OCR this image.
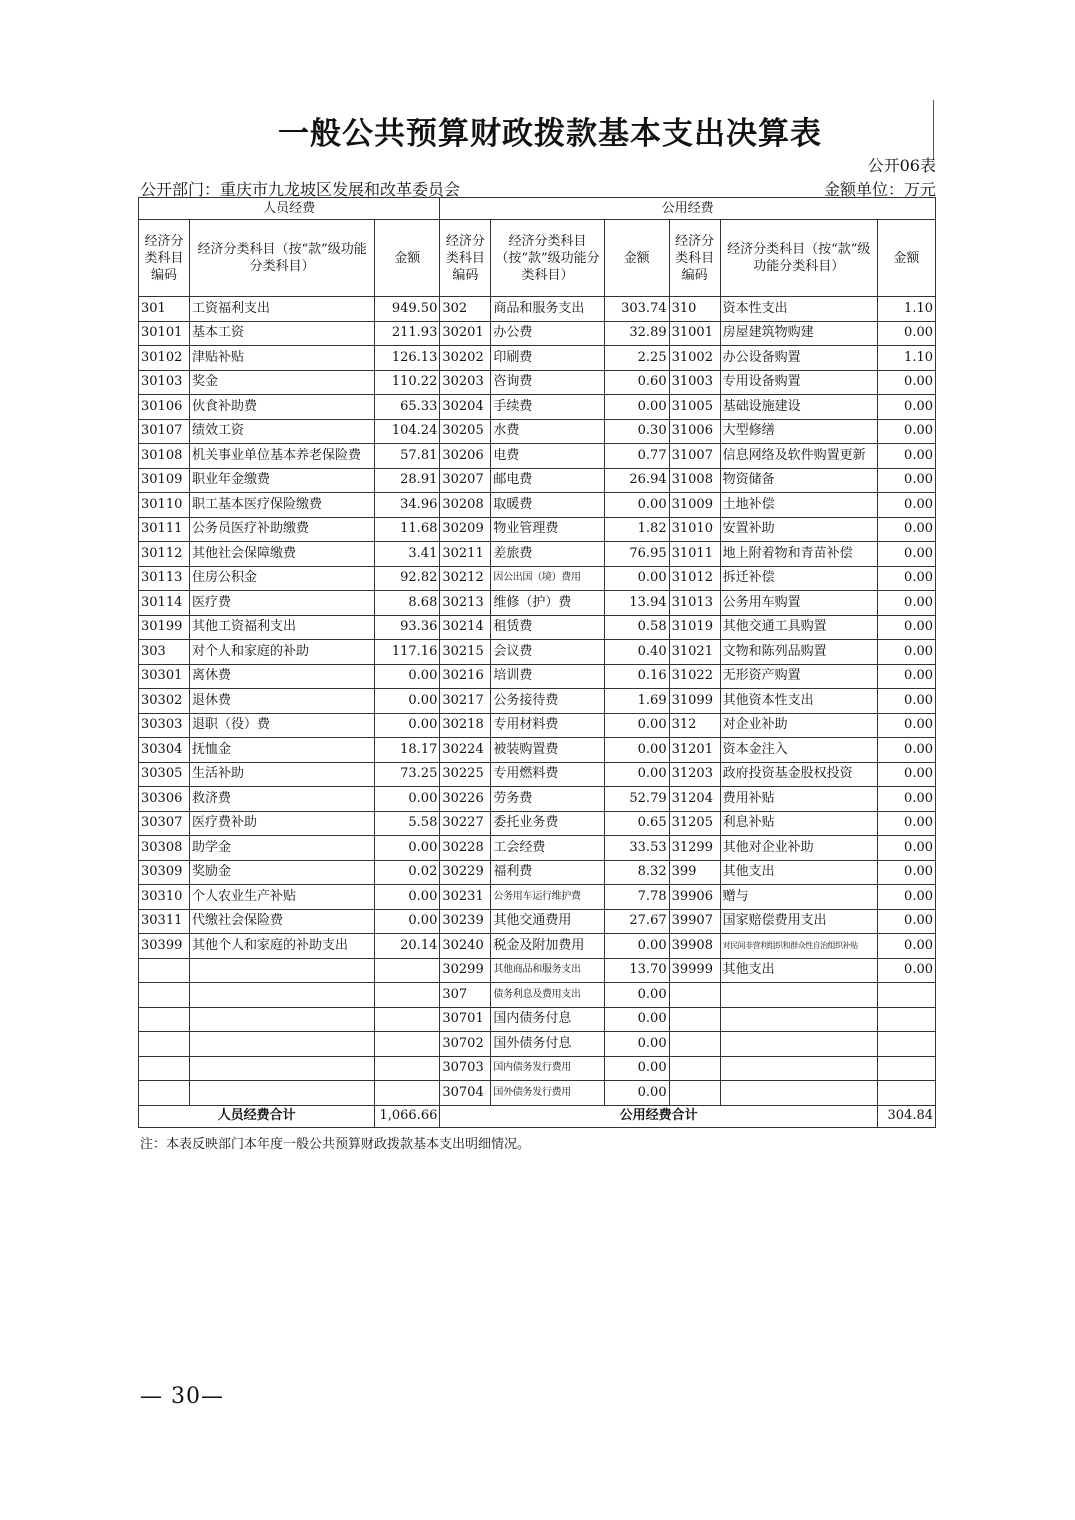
一般公共预算财政拨款基本支出决算表
公开06表
公开部门：重庆市九龙坡区发展和改革委员会	金额单位：万元
人员经费			公用经费					
经济分类科目编码	经济分类科目（按“款”级功能分类科目）	金额	经济分类科目编码	经济分类科目（按“款”级功能分类科目）	金额	经济分类科目编码	经济分类科目（按“款”级功能分类科目）	金额
301	工资福利支出	949.50	302	商品和服务支出	303.74	310	资本性支出	1.10
30101	基本工资	211.93	30201	办公费	32.89	31001	房屋建筑物购建	0.00
30102	津贴补贴	126.13	30202	印刷费	2.25	31002	办公设备购置	1.10
30103	奖金	110.22	30203	咨询费	0.60	31003	专用设备购置	0.00
30106	伙食补助费	65.33	30204	手续费	0.00	31005	基础设施建设	0.00
30107	绩效工资	104.24	30205	水费	0.30	31006	大型修缮	0.00
30108	机关事业单位基本养老保险费	57.81	30206	电费	0.77	31007	信息网络及软件购置更新	0.00
30109	职业年金缴费	28.91	30207	邮电费	26.94	31008	物资储备	0.00
30110	职工基本医疗保险缴费	34.96	30208	取暖费	0.00	31009	土地补偿	0.00
30111	公务员医疗补助缴费	11.68	30209	物业管理费	1.82	31010	安置补助	0.00
30112	其他社会保障缴费	3.41	30211	差旅费	76.95	31011	地上附着物和青苗补偿	0.00
30113	住房公积金	92.82	30212	因公出国（境）费用	0.00	31012	拆迁补偿	0.00
30114	医疗费	8.68	30213	维修（护）费	13.94	31013	公务用车购置	0.00
30199	其他工资福利支出	93.36	30214	租赁费	0.58	31019	其他交通工具购置	0.00
303	对个人和家庭的补助	117.16	30215	会议费	0.40	31021	文物和陈列品购置	0.00
30301	离休费	0.00	30216	培训费	0.16	31022	无形资产购置	0.00
30302	退休费	0.00	30217	公务接待费	1.69	31099	其他资本性支出	0.00
30303	退职（役）费	0.00	30218	专用材料费	0.00	312	对企业补助	0.00
30304	抚恤金	18.17	30224	被装购置费	0.00	31201	资本金注入	0.00
30305	生活补助	73.25	30225	专用燃料费	0.00	31203	政府投资基金股权投资	0.00
30306	救济费	0.00	30226	劳务费	52.79	31204	费用补贴	0.00
30307	医疗费补助	5.58	30227	委托业务费	0.65	31205	利息补贴	0.00
30308	助学金	0.00	30228	工会经费	33.53	31299	其他对企业补助	0.00
30309	奖励金	0.02	30229	福利费	8.32	399	其他支出	0.00
30310	个人农业生产补贴	0.00	30231	公务用车运行维护费	7.78	39906	赠与	0.00
30311	代缴社会保险费	0.00	30239	其他交通费用	27.67	39907	国家赔偿费用支出	0.00
30399	其他个人和家庭的补助支出	20.14	30240	税金及附加费用	0.00	39908	对民间非营利组织和群众性自治组织补贴	0.00
			30299	其他商品和服务支出	13.70	39999	其他支出	0.00
			307	债务利息及费用支出	0.00			
			30701	国内债务付息	0.00			
			30702	国外债务付息	0.00			
			30703	国内债务发行费用	0.00			
			30704	国外债务发行费用	0.00			
人员经费合计		1,066.66	公用经费合计					304.84
注：本表反映部门本年度一般公共预算财政拨款基本支出明细情况。
— 30—
